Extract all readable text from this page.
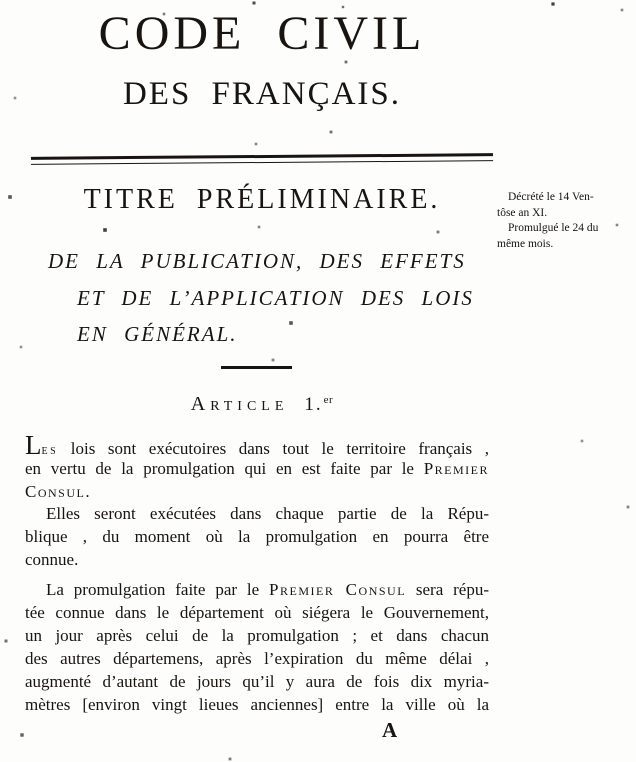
CODE CIVIL
DES FRANÇAIS.
TITRE PRÉLIMINAIRE.	Décrété le 14 Ven-
tôse an XI.
Promulgué le 24 du
même mois.
DE LA PUBLICATION, DES EFFETS
ET DE L’APPLICATION DES LOIS
EN GÉNÉRAL.
Article 1.$^{er}$
Les lois sont exécutoires dans tout le territoire français ,
en vertu de la promulgation qui en est faite par le Premier
Consul.
Elles seront exécutées dans chaque partie de la Répu-
blique , du moment où la promulgation en pourra être
connue.
La promulgation faite par le Premier Consul sera répu-
tée connue dans le département où siégera le Gouvernement,
un jour après celui de la promulgation ; et dans chacun
des autres départemens, après l’expiration du même délai ,
augmenté d’autant de jours qu’il y aura de fois dix myria-
mètres [environ vingt lieues anciennes] entre la ville où la
A
